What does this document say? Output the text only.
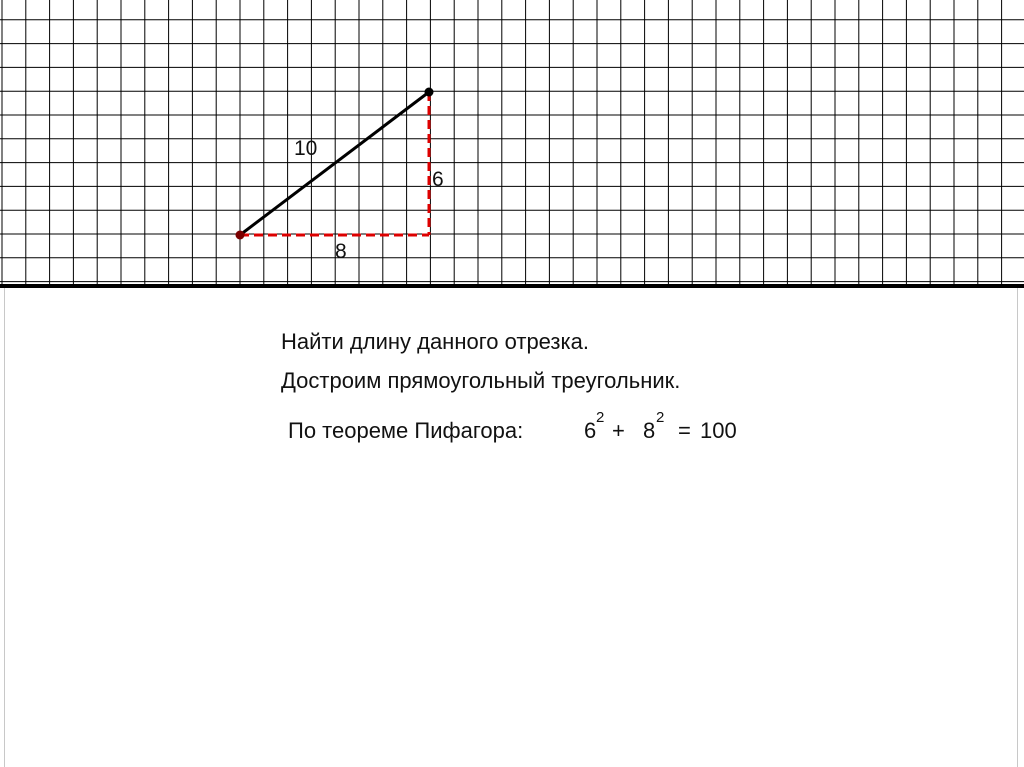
10
6
8

Найти длину данного отрезка.

Достроим прямоугольный треугольник.

По теореме Пифагора:	6
2
+ 8
2
= 100
